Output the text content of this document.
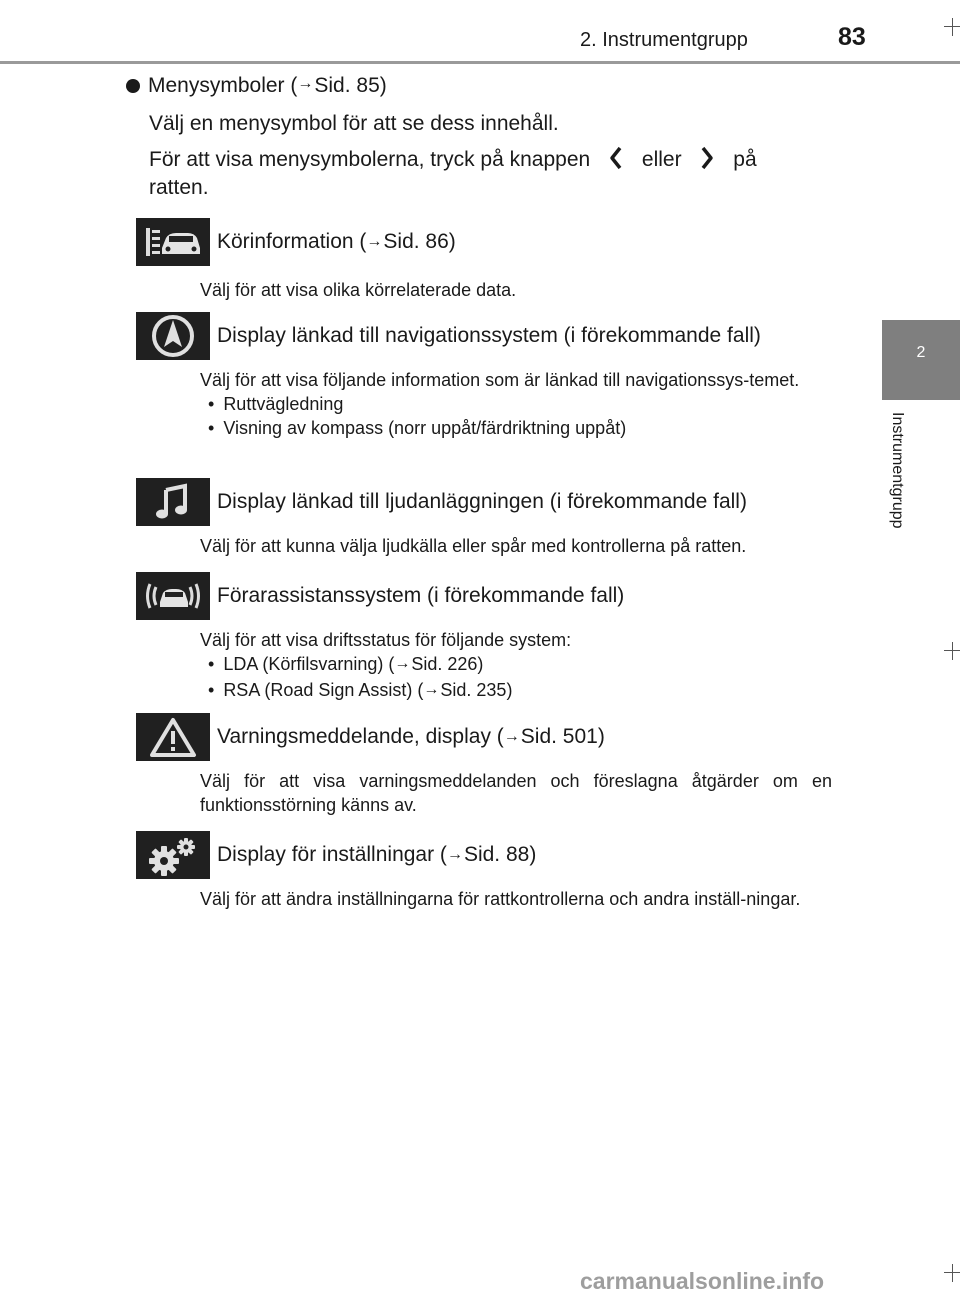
2. Instrumentgrupp	83
2
Instrumentgrupp
Menysymboler ( → Sid. 85)

Välj en menysymbol för att se dess innehåll.

För att visa menysymbolerna, tryck på knappen eller på

ratten.

Körinformation (→Sid. 86)
Välj för att visa olika körrelaterade data.
Display länkad till navigationssystem (i förekommande fall)
Välj för att visa följande information som är länkad till navigationssys-temet.
• Ruttvägledning
• Visning av kompass (norr uppåt/färdriktning uppåt)
Display länkad till ljudanläggningen (i förekommande fall)
Välj för att kunna välja ljudkälla eller spår med kontrollerna på ratten.
Förarassistanssystem (i förekommande fall)
Välj för att visa driftsstatus för följande system:
• LDA (Körfilsvarning) (→Sid. 226)
• RSA (Road Sign Assist) (→Sid. 235)
Varningsmeddelande, display (→Sid. 501)
Välj för att visa varningsmeddelanden och föreslagna åtgärder om en funktionsstörning känns av.
Display för inställningar (→Sid. 88)
Välj för att ändra inställningarna för rattkontrollerna och andra inställ-ningar.
carmanualsonline.info
